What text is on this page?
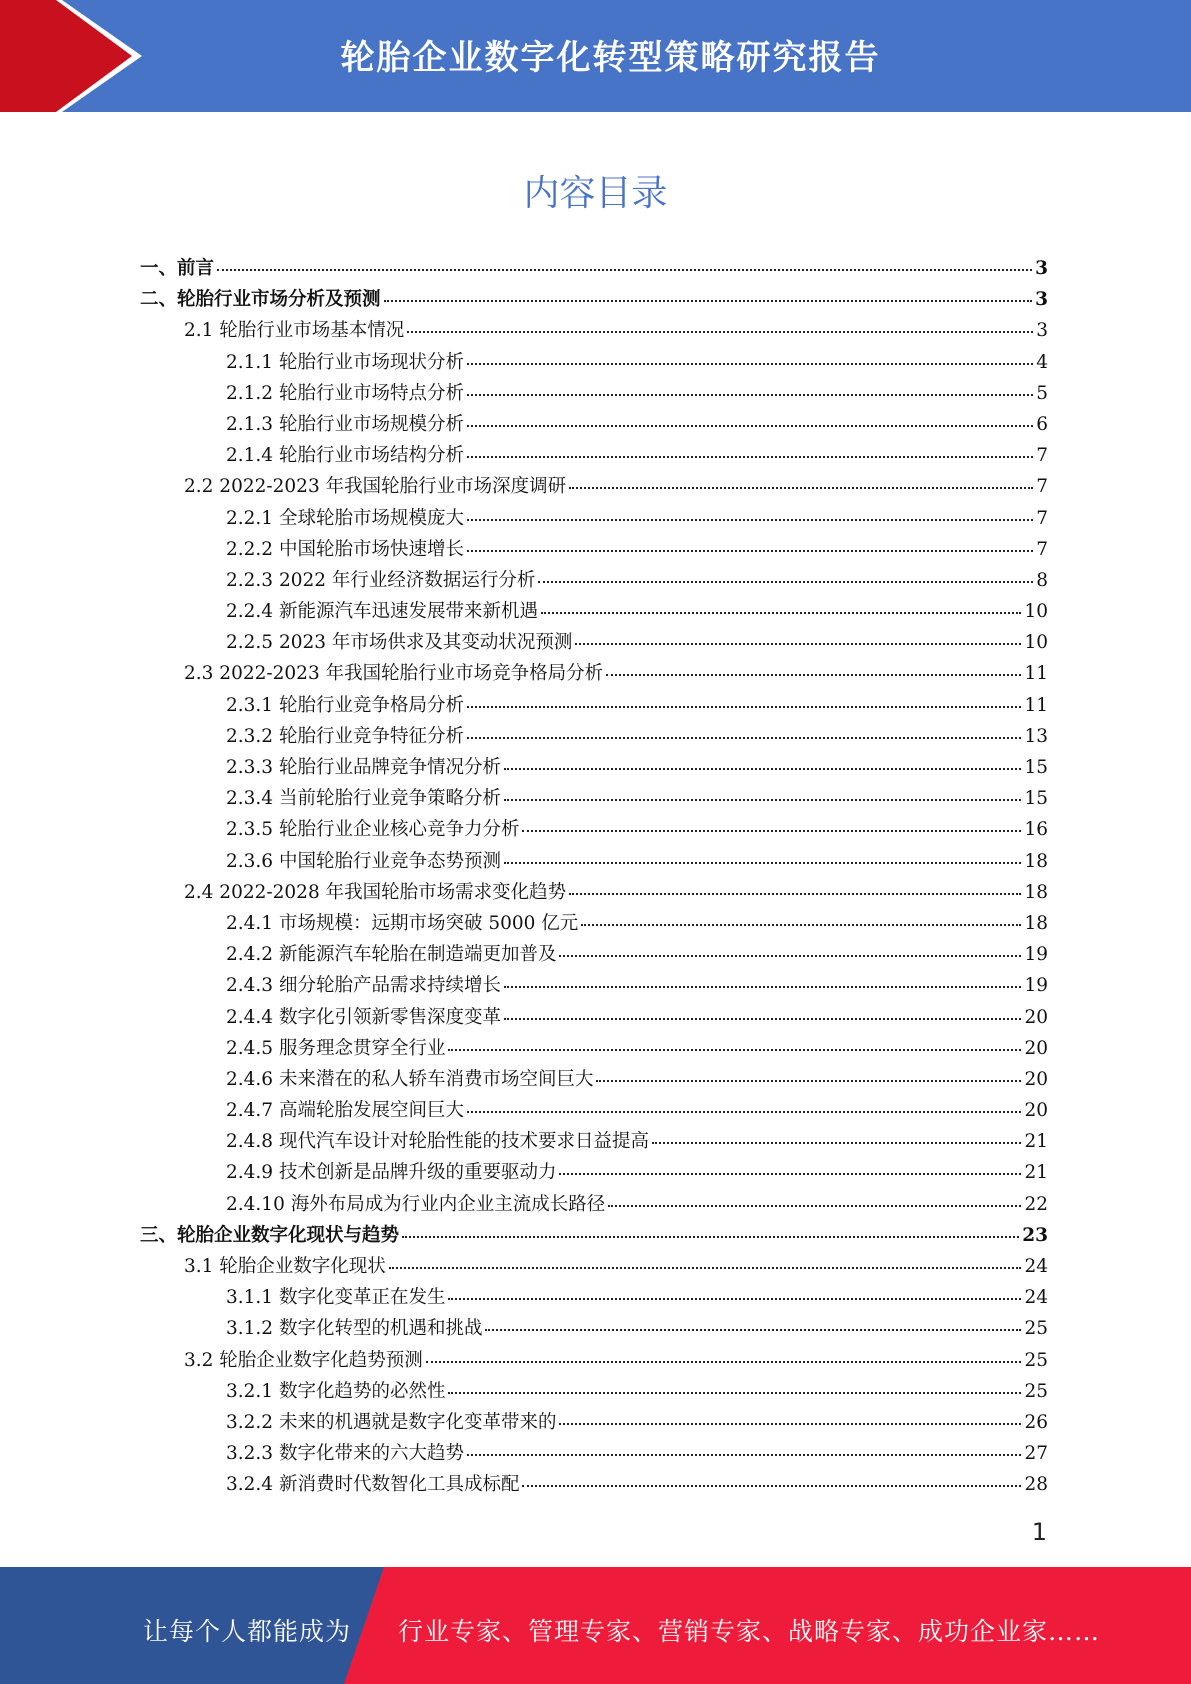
轮胎企业数字化转型策略研究报告
内容目录
一、前言	3
二、轮胎行业市场分析及预测	3
2.1 轮胎行业市场基本情况	3
2.1.1 轮胎行业市场现状分析	4
2.1.2 轮胎行业市场特点分析	5
2.1.3 轮胎行业市场规模分析	6
2.1.4 轮胎行业市场结构分析	7
2.2 2022-2023 年我国轮胎行业市场深度调研	7
2.2.1 全球轮胎市场规模庞大	7
2.2.2 中国轮胎市场快速增长	7
2.2.3 2022 年行业经济数据运行分析	8
2.2.4 新能源汽车迅速发展带来新机遇	10
2.2.5 2023 年市场供求及其变动状况预测	10
2.3 2022-2023 年我国轮胎行业市场竞争格局分析	11
2.3.1 轮胎行业竞争格局分析	11
2.3.2 轮胎行业竞争特征分析	13
2.3.3 轮胎行业品牌竞争情况分析	15
2.3.4 当前轮胎行业竞争策略分析	15
2.3.5 轮胎行业企业核心竞争力分析	16
2.3.6 中国轮胎行业竞争态势预测	18
2.4 2022-2028 年我国轮胎市场需求变化趋势	18
2.4.1 市场规模：远期市场突破 5000 亿元	18
2.4.2 新能源汽车轮胎在制造端更加普及	19
2.4.3 细分轮胎产品需求持续增长	19
2.4.4 数字化引领新零售深度变革	20
2.4.5 服务理念贯穿全行业	20
2.4.6 未来潜在的私人轿车消费市场空间巨大	20
2.4.7 高端轮胎发展空间巨大	20
2.4.8 现代汽车设计对轮胎性能的技术要求日益提高	21
2.4.9 技术创新是品牌升级的重要驱动力	21
2.4.10 海外布局成为行业内企业主流成长路径	22
三、轮胎企业数字化现状与趋势	23
3.1 轮胎企业数字化现状	24
3.1.1 数字化变革正在发生	24
3.1.2 数字化转型的机遇和挑战	25
3.2 轮胎企业数字化趋势预测	25
3.2.1 数字化趋势的必然性	25
3.2.2 未来的机遇就是数字化变革带来的	26
3.2.3 数字化带来的六大趋势	27
3.2.4 新消费时代数智化工具成标配	28
1
让每个人都能成为 行业专家、管理专家、营销专家、战略专家、成功企业家……
